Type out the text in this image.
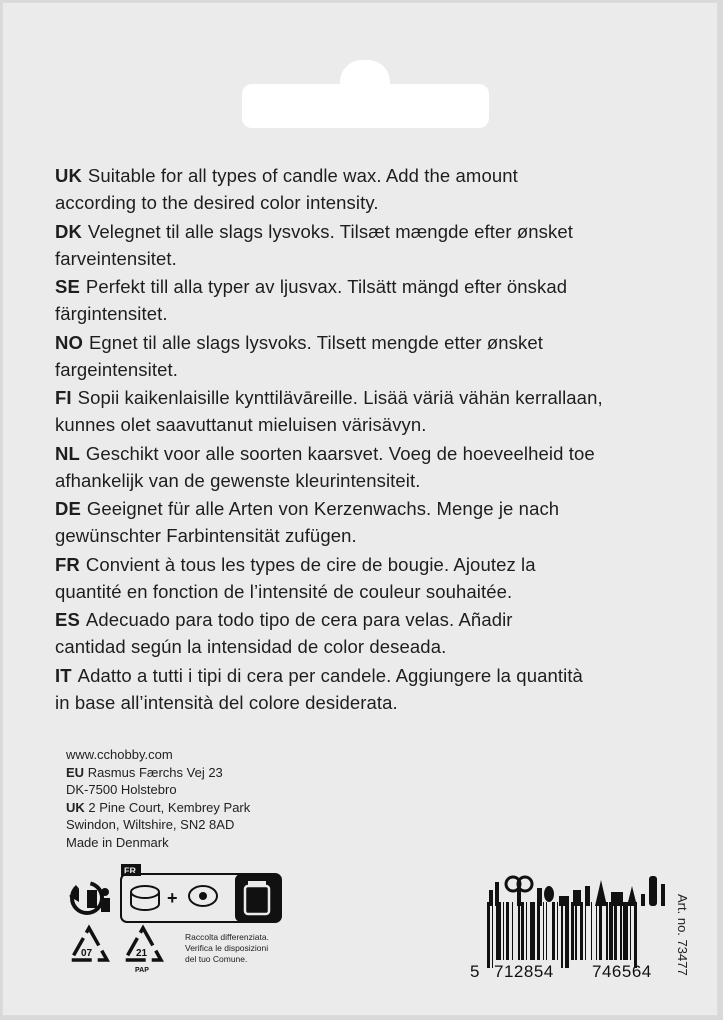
UK Suitable for all types of candle wax. Add the amount
according to the desired color intensity.

DK Velegnet til alle slags lysvoks. Tilsæt mængde efter ønsket
farveintensitet.

SE Perfekt till alla typer av ljusvax. Tilsätt mängd efter önskad
färgintensitet.

NO Egnet til alle slags lysvoks. Tilsett mengde etter ønsket
fargeintensitet.

FI Sopii kaikenlaisille kynttilävāreille. Lisää väriä vähän kerrallaan,
kunnes olet saavuttanut mieluisen värisävyn.

NL Geschikt voor alle soorten kaarsvet. Voeg de hoeveelheid toe
afhankelijk van de gewenste kleurintensiteit.

DE Geeignet für alle Arten von Kerzenwachs. Menge je nach
gewünschter Farbintensität zufügen.

FR Convient à tous les types de cire de bougie. Ajoutez la
quantité en fonction de l’intensité de couleur souhaitée.

ES Adecuado para todo tipo de cera para velas. Añadir
cantidad según la intensidad de color deseada.

IT Adatto a tutti i tipi di cera per candele. Aggiungere la quantità
in base all’intensità del colore desiderata.

www.cchobby.com
EU Rasmus Færchs Vej 23
DK-7500 Holstebro
UK 2 Pine Court, Kembrey Park
Swindon, Wiltshire, SN2 8AD
Made in Denmark
FR
+
07	21
PAP
Raccolta differenziata.
Verifica le disposizioni
del tuo Comune.
5 712854 746564 Art. no. 73477
